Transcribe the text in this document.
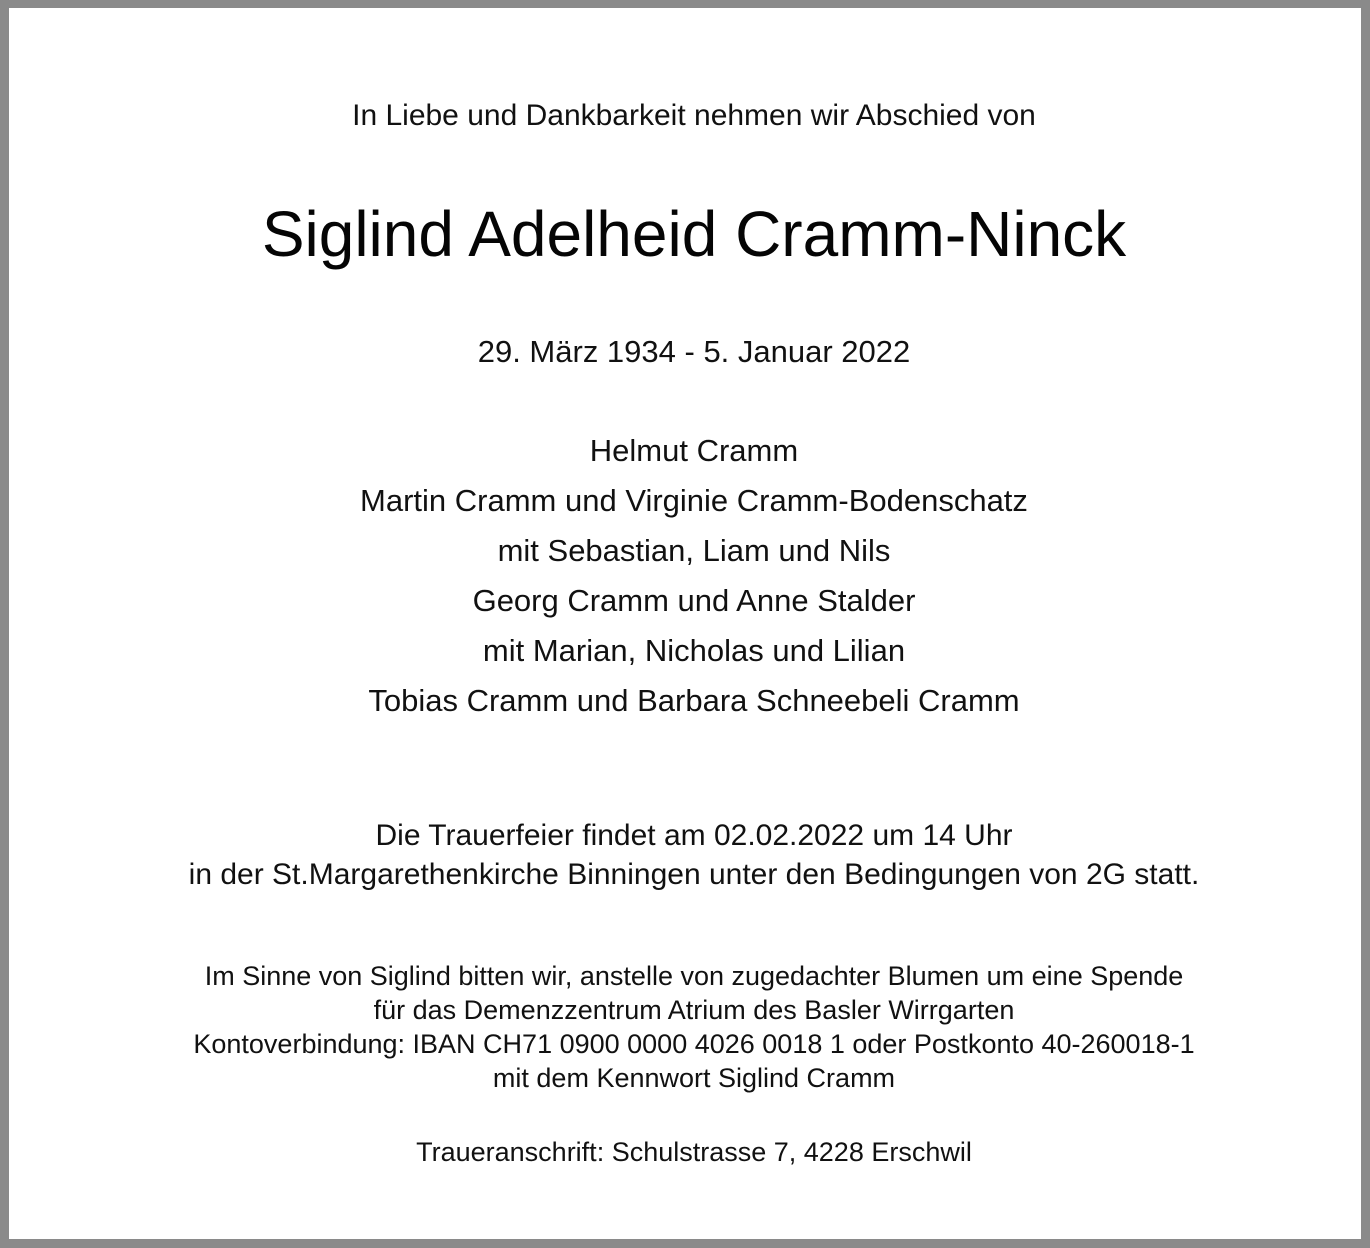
In Liebe und Dankbarkeit nehmen wir Abschied von

Siglind Adelheid Cramm-Ninck

29. März 1934 - 5. Januar 2022

Helmut Cramm
Martin Cramm und Virginie Cramm-Bodenschatz
mit Sebastian, Liam und Nils
Georg Cramm und Anne Stalder
mit Marian, Nicholas und Lilian
Tobias Cramm und Barbara Schneebeli Cramm
Die Trauerfeier findet am 02.02.2022 um 14 Uhr
in der St.Margarethenkirche Binningen unter den Bedingungen von 2G statt.
Im Sinne von Siglind bitten wir, anstelle von zugedachter Blumen um eine Spende
für das Demenzzentrum Atrium des Basler Wirrgarten
Kontoverbindung: IBAN CH71 0900 0000 4026 0018 1 oder Postkonto 40-260018-1
mit dem Kennwort Siglind Cramm

Traueranschrift: Schulstrasse 7, 4228 Erschwil
